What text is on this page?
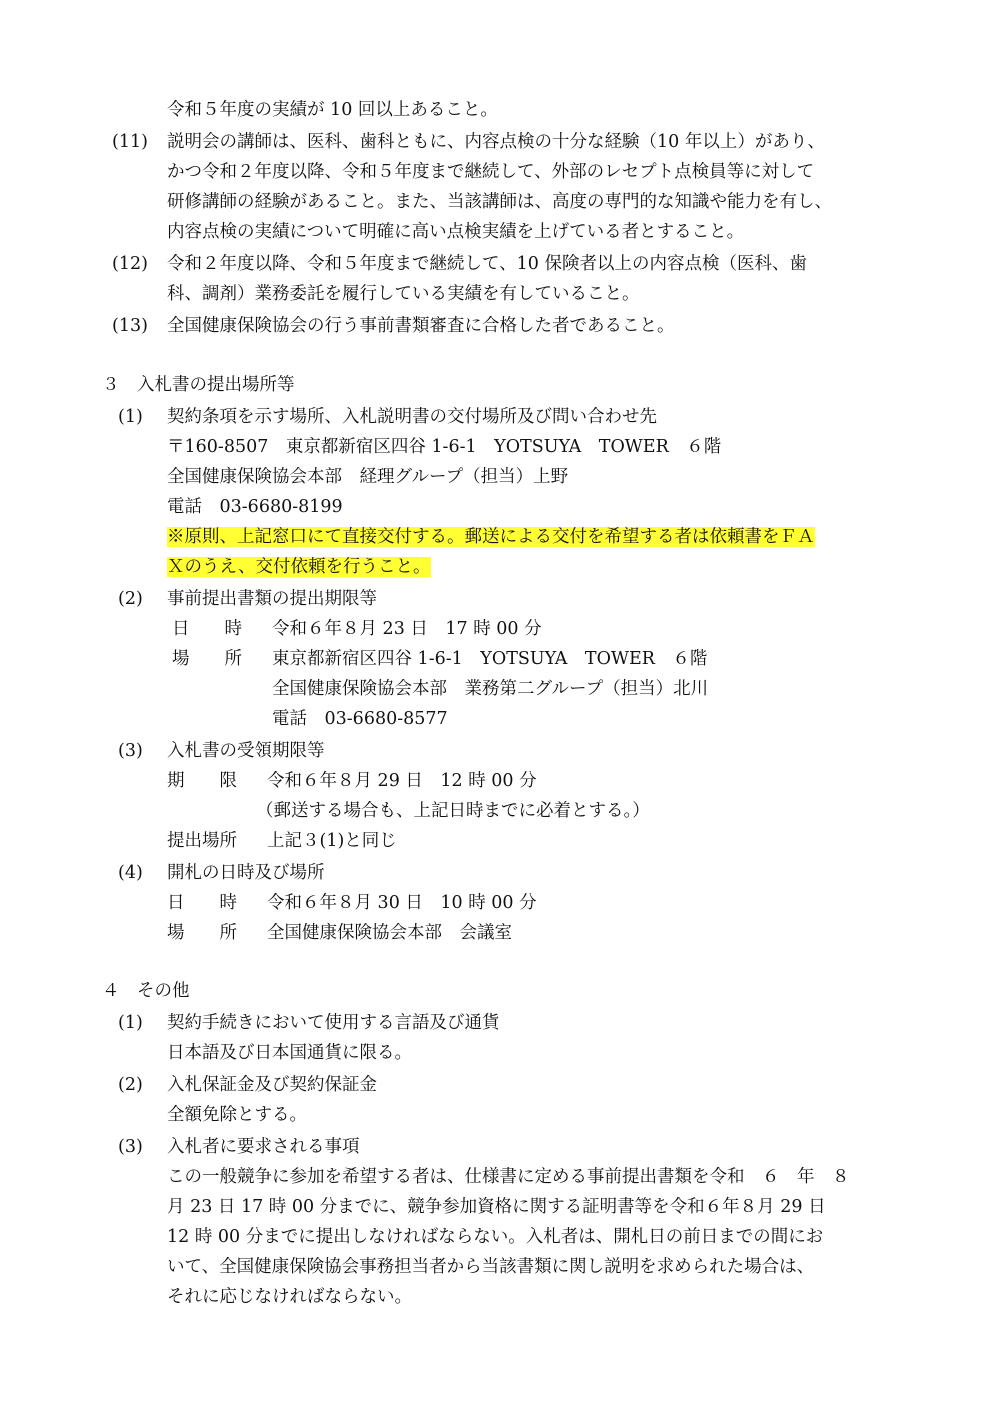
令和５年度の実績が 10 回以上あること。

(11) 説明会の講師は、医科、歯科ともに、内容点検の十分な経験（10 年以上）があり、

かつ令和２年度以降、令和５年度まで継続して、外部のレセプト点検員等に対して

研修講師の経験があること。また、当該講師は、高度の専門的な知識や能力を有し、

内容点検の実績について明確に高い点検実績を上げている者とすること。

(12) 令和２年度以降、令和５年度まで継続して、10 保険者以上の内容点検（医科、歯

科、調剤）業務委託を履行している実績を有していること。

(13) 全国健康保険協会の行う事前書類審査に合格した者であること。

３　入札書の提出場所等

(1) 契約条項を示す場所、入札説明書の交付場所及び問い合わせ先

〒160-8507　東京都新宿区四谷 1-6-1　YOTSUYA　TOWER　６階

全国健康保険協会本部　経理グループ（担当）上野

電話　03-6680-8199

※原則、上記窓口にて直接交付する。郵送による交付を希望する者は依頼書をＦＡ

Ｘのうえ、交付依頼を行うこと。

(2) 事前提出書類の提出期限等

日　　時 令和６年８月 23 日　17 時 00 分

場　　所 東京都新宿区四谷 1-6-1　YOTSUYA　TOWER　６階

全国健康保険協会本部　業務第二グループ（担当）北川

電話　03-6680-8577

(3) 入札書の受領期限等

期　　限 令和６年８月 29 日　12 時 00 分

（郵送する場合も、上記日時までに必着とする。）

提出場所 上記３(1)と同じ

(4) 開札の日時及び場所

日　　時 令和６年８月 30 日　10 時 00 分

場　　所 全国健康保険協会本部　会議室

４　その他

(1) 契約手続きにおいて使用する言語及び通貨

日本語及び日本国通貨に限る。

(2) 入札保証金及び契約保証金

全額免除とする。

(3) 入札者に要求される事項

この一般競争に参加を希望する者は、仕様書に定める事前提出書類を令和　６　年　８

月 23 日 17 時 00 分までに、競争参加資格に関する証明書等を令和６年８月 29 日

12 時 00 分までに提出しなければならない。入札者は、開札日の前日までの間にお

いて、全国健康保険協会事務担当者から当該書類に関し説明を求められた場合は、

それに応じなければならない。
